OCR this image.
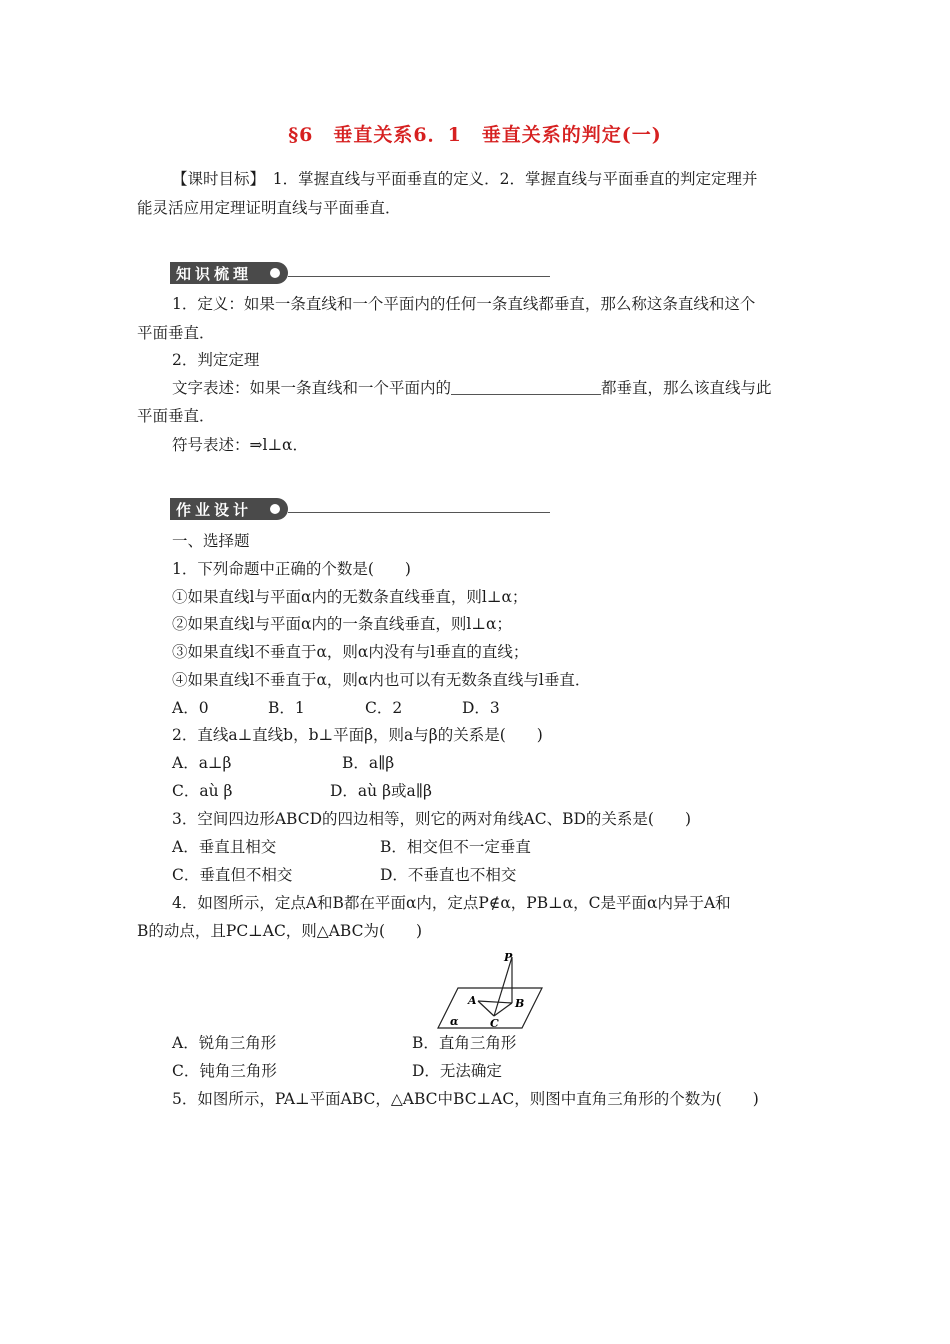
§6　垂直关系6．1　垂直关系的判定(一)
【课时目标】　1．掌握直线与平面垂直的定义．2．掌握直线与平面垂直的判定定理并
能灵活应用定理证明直线与平面垂直．
知识梳理
1．定义：如果一条直线和一个平面内的任何一条直线都垂直，那么称这条直线和这个
平面垂直．
2．判定定理
文字表述：如果一条直线和一个平面内的	都垂直，那么该直线与此
平面垂直．
符号表述：⇒l⊥α．
作业设计
一、选择题
1．下列命题中正确的个数是(　　)
①如果直线l与平面α内的无数条直线垂直，则l⊥α；
②如果直线l与平面α内的一条直线垂直，则l⊥α；
③如果直线l不垂直于α，则α内没有与l垂直的直线；
④如果直线l不垂直于α，则α内也可以有无数条直线与l垂直．
A．0	B．1	C．2	D．3
2．直线a⊥直线b，b⊥平面β，则a与β的关系是(　　)
A．a⊥β	B．a∥β
C．aù β	D．aù β或a∥β
3．空间四边形ABCD的四边相等，则它的两对角线AC、BD的关系是(　　)
A．垂直且相交	B．相交但不一定垂直
C．垂直但不相交	D．不垂直也不相交
4．如图所示，定点A和B都在平面α内，定点P∉α，PB⊥α，C是平面α内异于A和
B的动点，且PC⊥AC，则△ABC为(　　)
P
A	B
C
α
A．锐角三角形	B．直角三角形
C．钝角三角形	D．无法确定
5．如图所示，PA⊥平面ABC，△ABC中BC⊥AC，则图中直角三角形的个数为(　　)
